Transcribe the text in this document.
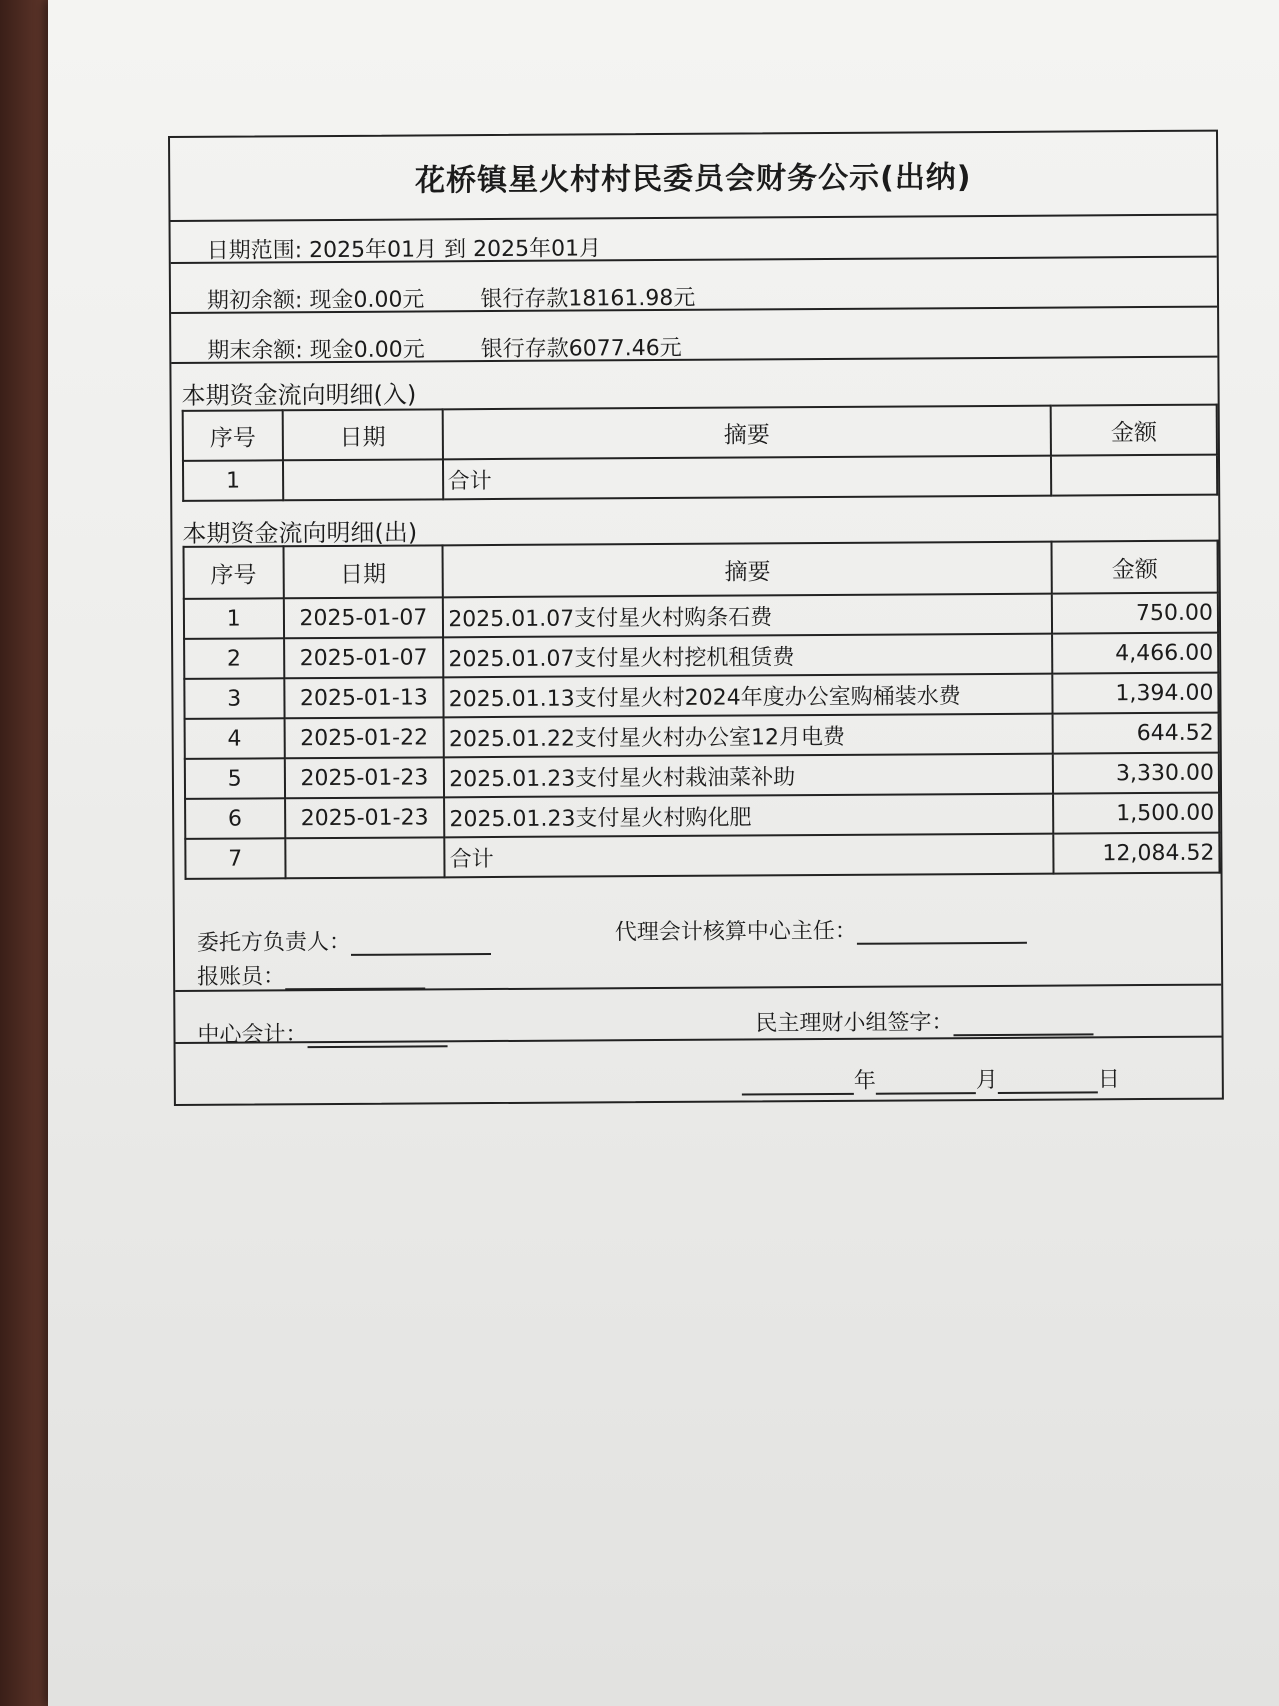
花桥镇星火村村民委员会财务公示(出纳)
日期范围: 2025年01月 到 2025年01月
期初余额: 现金0.00元	银行存款18161.98元
期末余额: 现金0.00元	银行存款6077.46元
本期资金流向明细(入)
序号	日期	摘要	金额
1		合计	
本期资金流向明细(出)
序号	日期	摘要	金额
1	2025-01-07	2025.01.07支付星火村购条石费	750.00
2	2025-01-07	2025.01.07支付星火村挖机租赁费	4,466.00
3	2025-01-13	2025.01.13支付星火村2024年度办公室购桶装水费	1,394.00
4	2025-01-22	2025.01.22支付星火村办公室12月电费	644.52
5	2025-01-23	2025.01.23支付星火村栽油菜补助	3,330.00
6	2025-01-23	2025.01.23支付星火村购化肥	1,500.00
7		合计	12,084.52
委托方负责人：	代理会计核算中心主任：
报账员：
中心会计：	民主理财小组签字：
年	月	日
